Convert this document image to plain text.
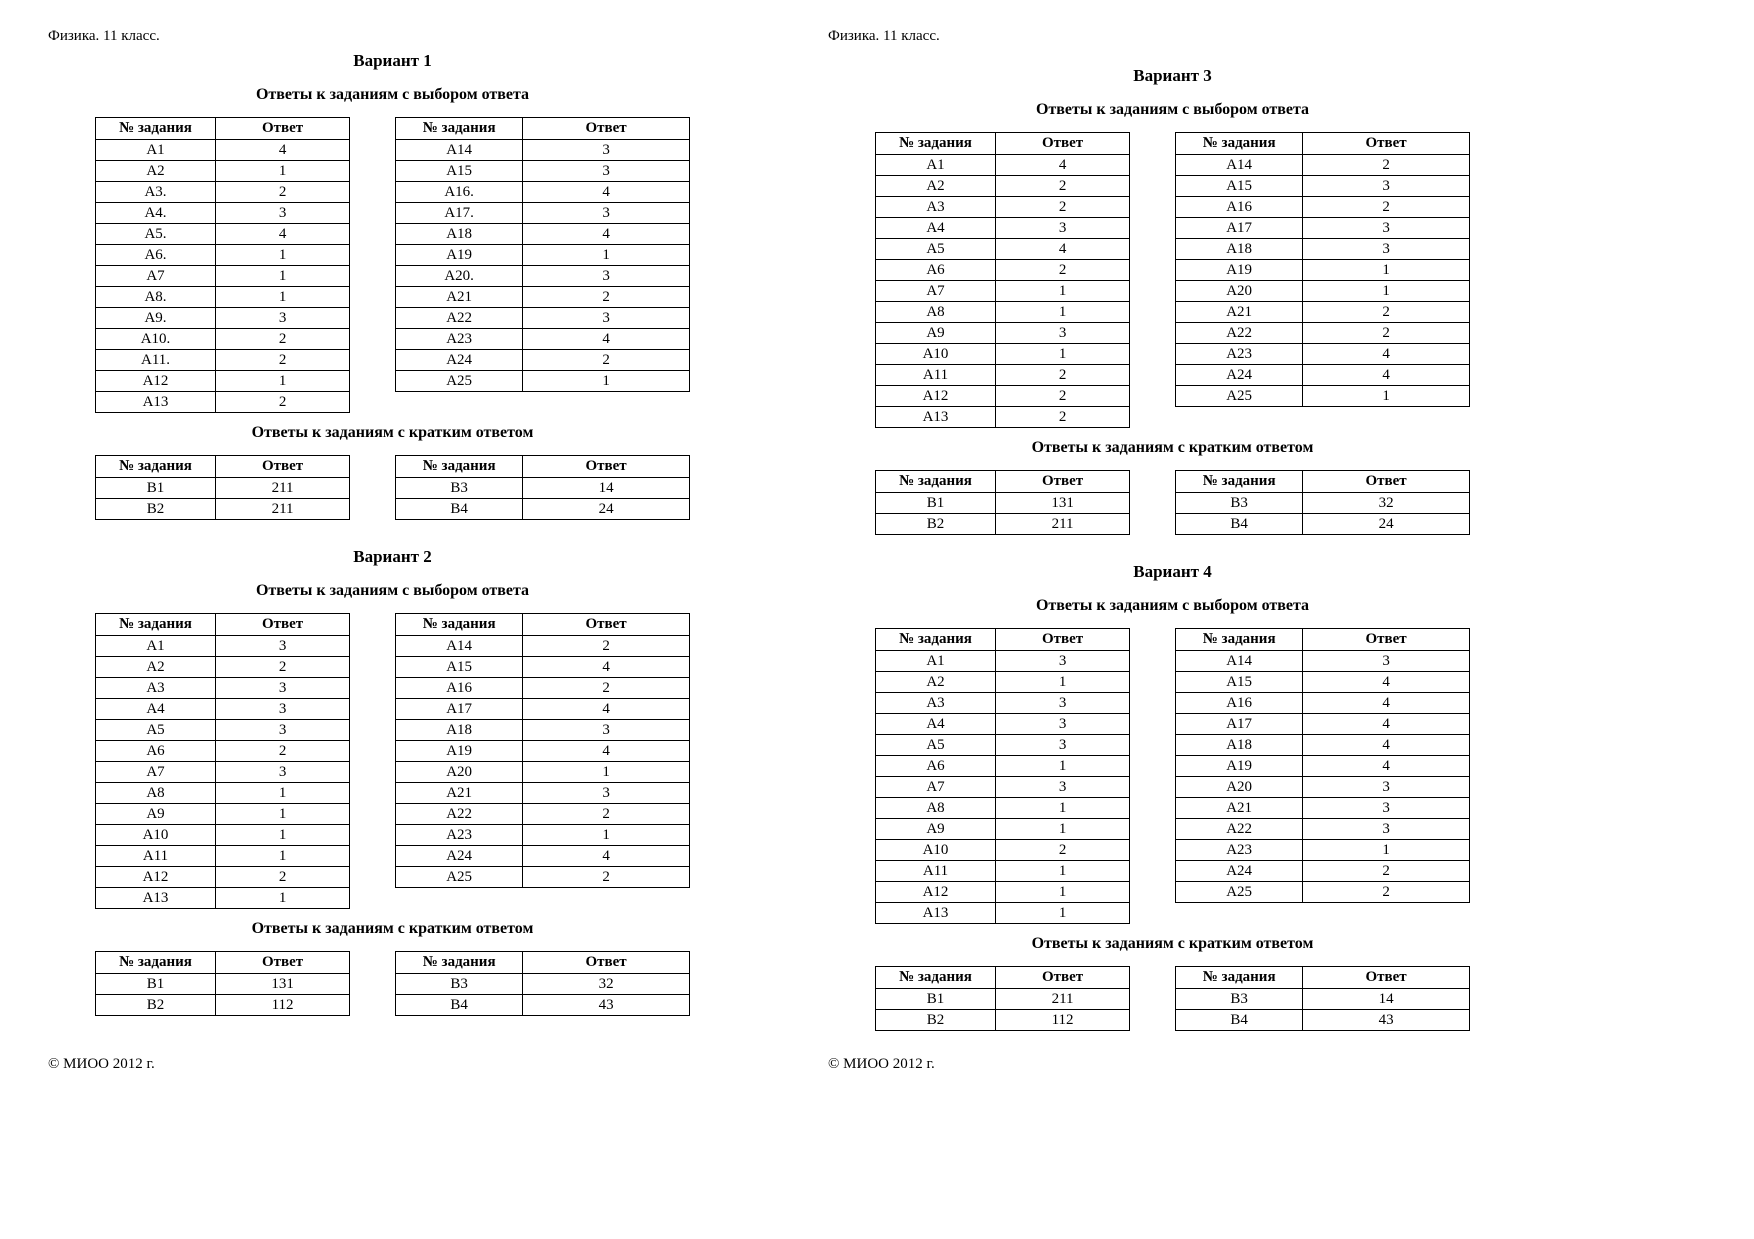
Физика. 11 класс.
Вариант 1
Ответы к заданиям с выбором ответа
№ задания	Ответ
А1	4
А2	1
А3.	2
А4.	3
А5.	4
А6.	1
А7	1
А8.	1
А9.	3
А10.	2
А11.	2
А12	1
А13	2
№ задания	Ответ
А14	3
А15	3
А16.	4
А17.	3
А18	4
А19	1
А20.	3
А21	2
А22	3
А23	4
А24	2
А25	1
Ответы к заданиям с кратким ответом
№ задания	Ответ
В1	211
В2	211
№ задания	Ответ
В3	14
В4	24
Вариант 2
Ответы к заданиям с выбором ответа
№ задания	Ответ
А1	3
А2	2
А3	3
А4	3
А5	3
А6	2
А7	3
А8	1
А9	1
А10	1
А11	1
А12	2
А13	1
№ задания	Ответ
А14	2
А15	4
А16	2
А17	4
А18	3
А19	4
А20	1
А21	3
А22	2
А23	1
А24	4
А25	2
Ответы к заданиям с кратким ответом
№ задания	Ответ
В1	131
В2	112
№ задания	Ответ
В3	32
В4	43
© МИОО 2012 г.
Физика. 11 класс.
Вариант 3
Ответы к заданиям с выбором ответа
№ задания	Ответ
А1	4
А2	2
А3	2
А4	3
А5	4
А6	2
А7	1
А8	1
А9	3
А10	1
А11	2
А12	2
А13	2
№ задания	Ответ
А14	2
А15	3
А16	2
А17	3
А18	3
А19	1
А20	1
А21	2
А22	2
А23	4
А24	4
А25	1
Ответы к заданиям с кратким ответом
№ задания	Ответ
В1	131
В2	211
№ задания	Ответ
В3	32
В4	24
Вариант 4
Ответы к заданиям с выбором ответа
№ задания	Ответ
А1	3
А2	1
А3	3
А4	3
А5	3
А6	1
А7	3
А8	1
А9	1
А10	2
А11	1
А12	1
А13	1
№ задания	Ответ
А14	3
А15	4
А16	4
А17	4
А18	4
А19	4
А20	3
А21	3
А22	3
А23	1
А24	2
А25	2
Ответы к заданиям с кратким ответом
№ задания	Ответ
В1	211
В2	112
№ задания	Ответ
В3	14
В4	43
© МИОО 2012 г.
